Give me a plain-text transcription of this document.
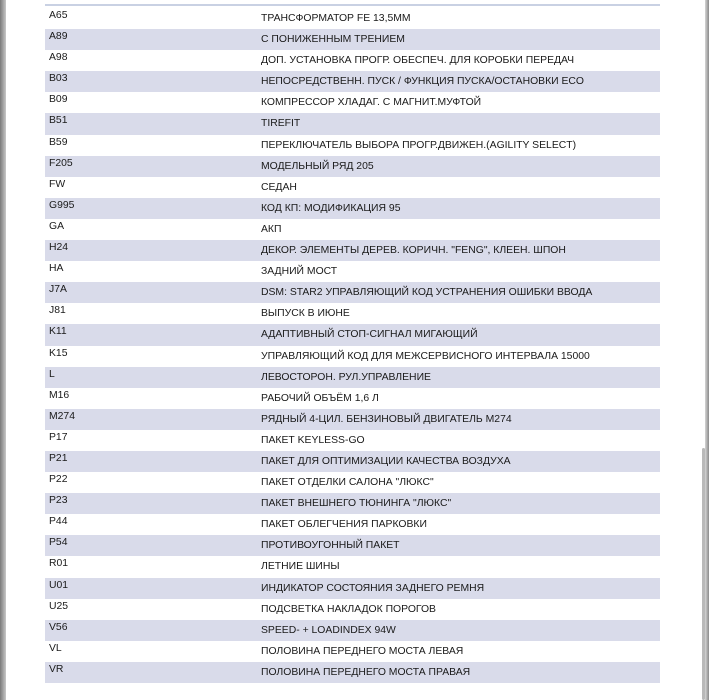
A65	ТРАНСФОРМАТОР FE 13,5ММ
A89	С ПОНИЖЕННЫМ ТРЕНИЕМ
A98	ДОП. УСТАНОВКА ПРОГР. ОБЕСПЕЧ. ДЛЯ КОРОБКИ ПЕРЕДАЧ
B03	НЕПОСРЕДСТВЕНН. ПУСК / ФУНКЦИЯ ПУСКА/ОСТАНОВКИ ECO
B09	КОМПРЕССОР ХЛАДАГ. С МАГНИТ.МУФТОЙ
B51	TIREFIT
B59	ПЕРЕКЛЮЧАТЕЛЬ ВЫБОРА ПРОГР.ДВИЖЕН.(AGILITY SELECT)
F205	МОДЕЛЬНЫЙ РЯД 205
FW	СЕДАН
G995	КОД КП: МОДИФИКАЦИЯ 95
GA	АКП
H24	ДЕКОР. ЭЛЕМЕНТЫ ДЕРЕВ. КОРИЧН. "FENG", КЛЕЕН. ШПОН
HA	ЗАДНИЙ МОСТ
J7A	DSM: STAR2 УПРАВЛЯЮЩИЙ КОД УСТРАНЕНИЯ ОШИБКИ ВВОДА
J81	ВЫПУСК В ИЮНЕ
K11	АДАПТИВНЫЙ СТОП-СИГНАЛ МИГАЮЩИЙ
K15	УПРАВЛЯЮЩИЙ КОД ДЛЯ МЕЖСЕРВИСНОГО ИНТЕРВАЛА 15000
L	ЛЕВОСТОРОН. РУЛ.УПРАВЛЕНИЕ
M16	РАБОЧИЙ ОБЪЁМ 1,6 Л
M274	РЯДНЫЙ 4-ЦИЛ. БЕНЗИНОВЫЙ ДВИГАТЕЛЬ M274
P17	ПАКЕТ KEYLESS-GO
P21	ПАКЕТ ДЛЯ ОПТИМИЗАЦИИ КАЧЕСТВА ВОЗДУХА
P22	ПАКЕТ ОТДЕЛКИ САЛОНА "ЛЮКС"
P23	ПАКЕТ ВНЕШНЕГО ТЮНИНГА "ЛЮКС"
P44	ПАКЕТ ОБЛЕГЧЕНИЯ ПАРКОВКИ
P54	ПРОТИВОУГОННЫЙ ПАКЕТ
R01	ЛЕТНИЕ ШИНЫ
U01	ИНДИКАТОР СОСТОЯНИЯ ЗАДНЕГО РЕМНЯ
U25	ПОДСВЕТКА НАКЛАДОК ПОРОГОВ
V56	SPEED- + LOADINDEX 94W
VL	ПОЛОВИНА ПЕРЕДНЕГО МОСТА ЛЕВАЯ
VR	ПОЛОВИНА ПЕРЕДНЕГО МОСТА ПРАВАЯ
